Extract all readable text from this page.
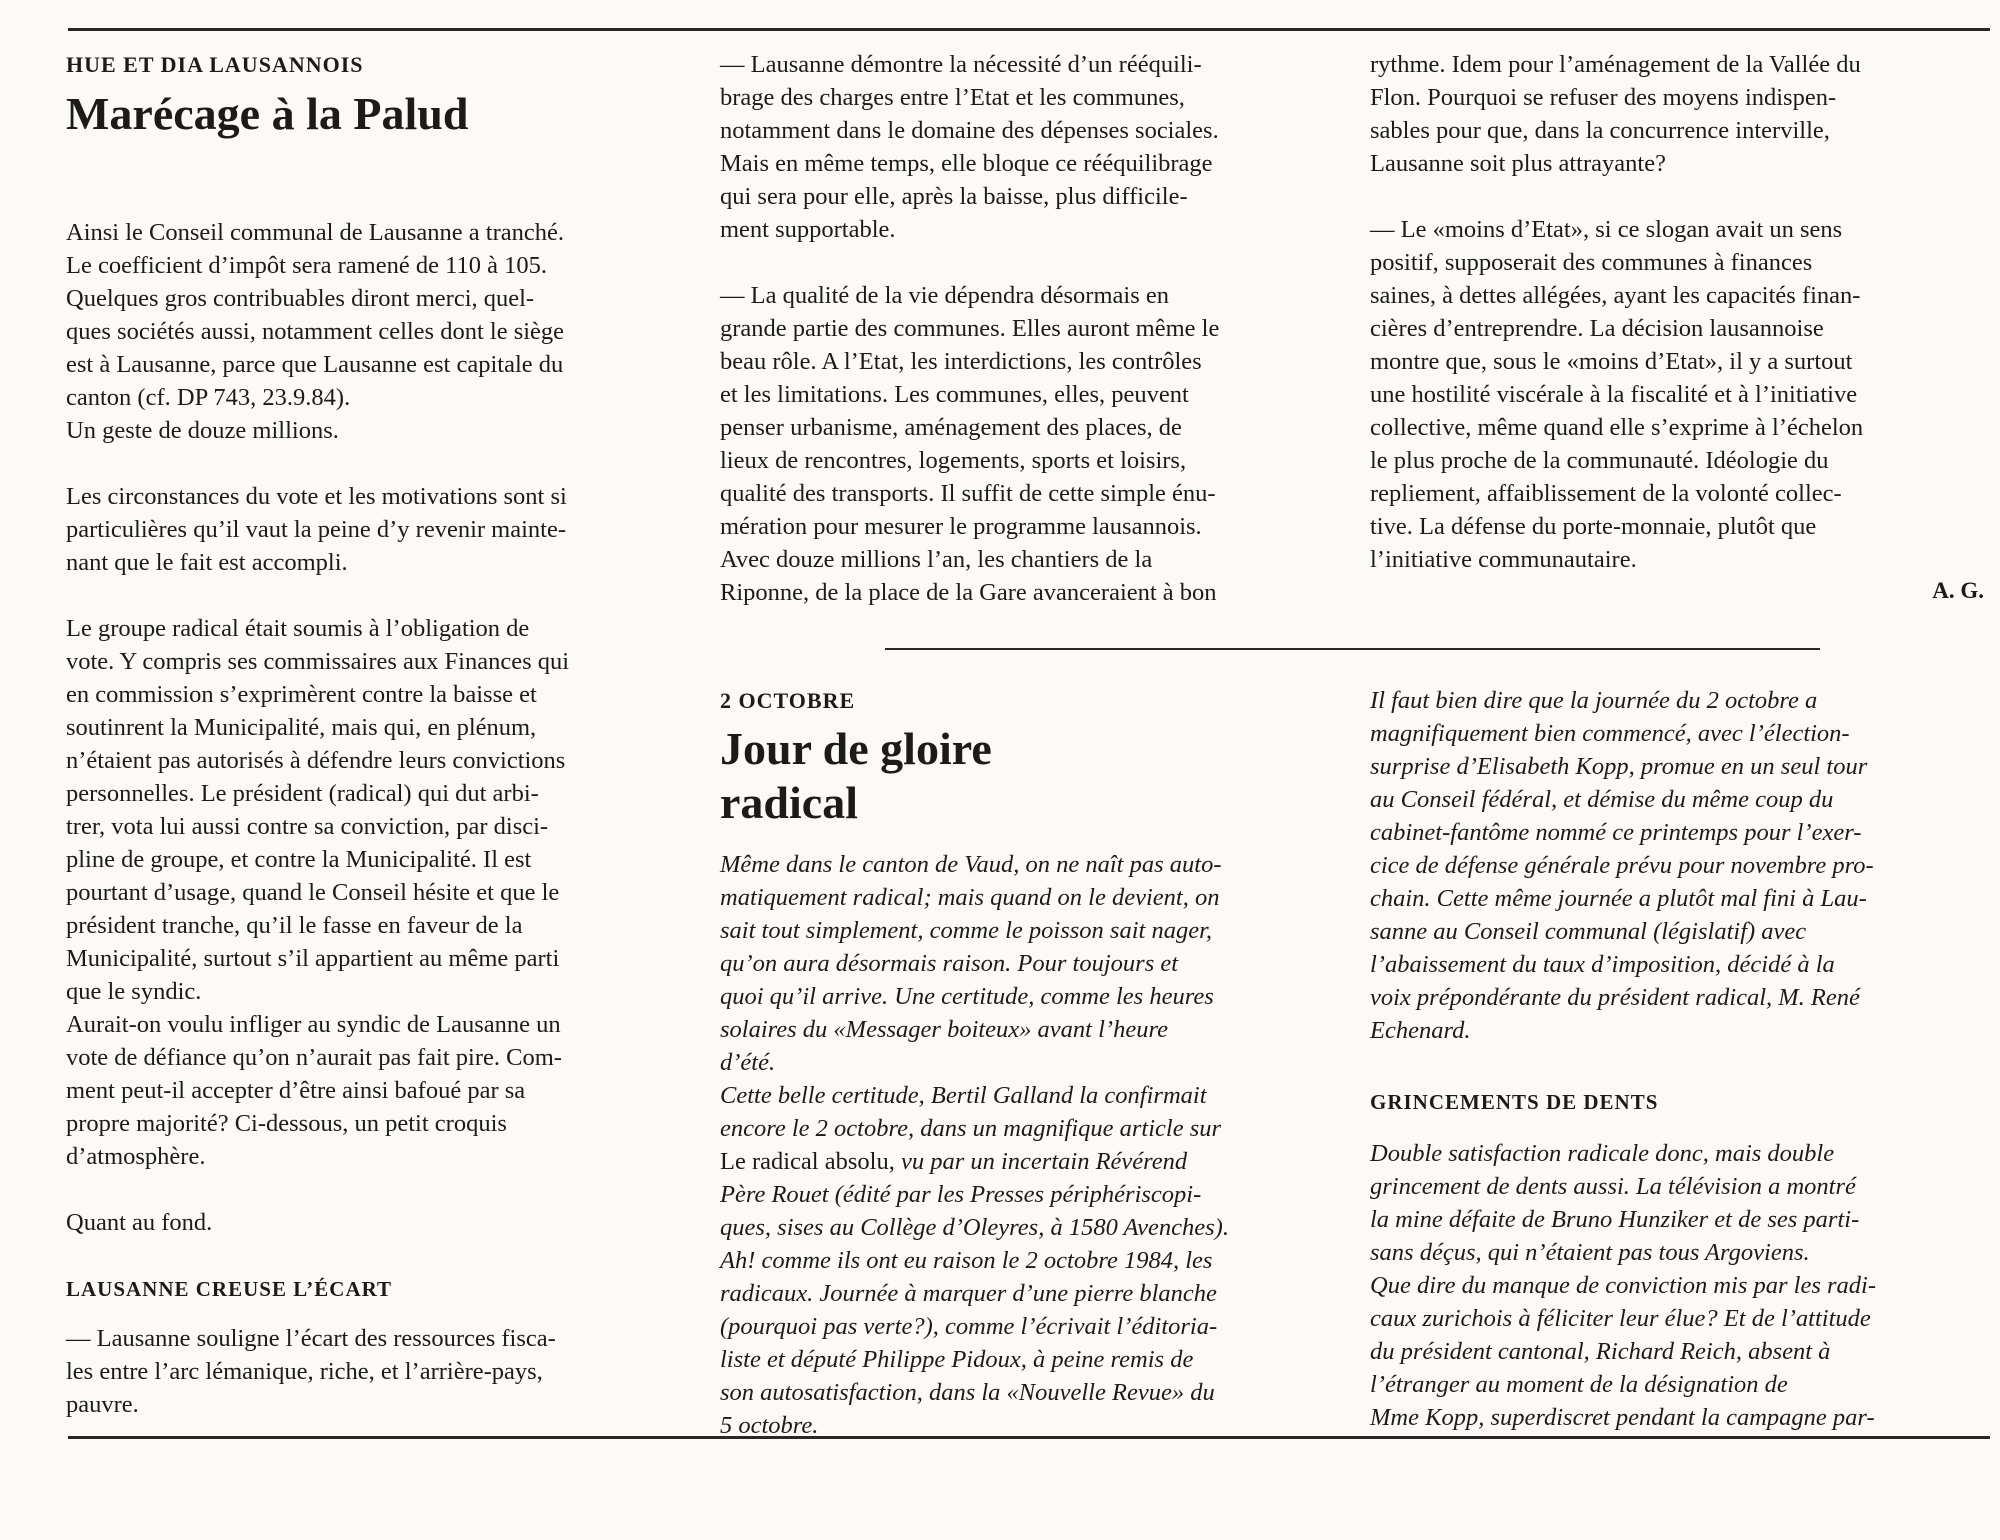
HUE ET DIA LAUSANNOIS
Marécage à la Palud

Ainsi le Conseil communal de Lausanne a tranché.
Le coefficient d’impôt sera ramené de 110 à 105.
Quelques gros contribuables diront merci, quel-
ques sociétés aussi, notamment celles dont le siège
est à Lausanne, parce que Lausanne est capitale du
canton (cf. DP 743, 23.9.84).
Un geste de douze millions.

Les circonstances du vote et les motivations sont si
particulières qu’il vaut la peine d’y revenir mainte-
nant que le fait est accompli.

Le groupe radical était soumis à l’obligation de
vote. Y compris ses commissaires aux Finances qui
en commission s’exprimèrent contre la baisse et
soutinrent la Municipalité, mais qui, en plénum,
n’étaient pas autorisés à défendre leurs convictions
personnelles. Le président (radical) qui dut arbi-
trer, vota lui aussi contre sa conviction, par disci-
pline de groupe, et contre la Municipalité. Il est
pourtant d’usage, quand le Conseil hésite et que le
président tranche, qu’il le fasse en faveur de la
Municipalité, surtout s’il appartient au même parti
que le syndic.
Aurait-on voulu infliger au syndic de Lausanne un
vote de défiance qu’on n’aurait pas fait pire. Com-
ment peut-il accepter d’être ainsi bafoué par sa
propre majorité? Ci-dessous, un petit croquis
d’atmosphère.

Quant au fond.

LAUSANNE CREUSE L’ÉCART

— Lausanne souligne l’écart des ressources fisca-
les entre l’arc lémanique, riche, et l’arrière-pays,
pauvre.

— Lausanne démontre la nécessité d’un rééquili-
brage des charges entre l’Etat et les communes,
notamment dans le domaine des dépenses sociales.
Mais en même temps, elle bloque ce rééquilibrage
qui sera pour elle, après la baisse, plus difficile-
ment supportable.

— La qualité de la vie dépendra désormais en
grande partie des communes. Elles auront même le
beau rôle. A l’Etat, les interdictions, les contrôles
et les limitations. Les communes, elles, peuvent
penser urbanisme, aménagement des places, de
lieux de rencontres, logements, sports et loisirs,
qualité des transports. Il suffit de cette simple énu-
mération pour mesurer le programme lausannois.
Avec douze millions l’an, les chantiers de la
Riponne, de la place de la Gare avanceraient à bon

rythme. Idem pour l’aménagement de la Vallée du
Flon. Pourquoi se refuser des moyens indispen-
sables pour que, dans la concurrence interville,
Lausanne soit plus attrayante?

— Le «moins d’Etat», si ce slogan avait un sens
positif, supposerait des communes à finances
saines, à dettes allégées, ayant les capacités finan-
cières d’entreprendre. La décision lausannoise
montre que, sous le «moins d’Etat», il y a surtout
une hostilité viscérale à la fiscalité et à l’initiative
collective, même quand elle s’exprime à l’échelon
le plus proche de la communauté. Idéologie du
repliement, affaiblissement de la volonté collec-
tive. La défense du porte-monnaie, plutôt que
l’initiative communautaire.

A. G.
2 OCTOBRE
Jour de gloire
radical

Même dans le canton de Vaud, on ne naît pas auto-
matiquement radical; mais quand on le devient, on
sait tout simplement, comme le poisson sait nager,
qu’on aura désormais raison. Pour toujours et
quoi qu’il arrive. Une certitude, comme les heures
solaires du «Messager boiteux» avant l’heure
d’été.
Cette belle certitude, Bertil Galland la confirmait
encore le 2 octobre, dans un magnifique article sur
Le radical absolu, vu par un incertain Révérend
Père Rouet (édité par les Presses périphériscopi-
ques, sises au Collège d’Oleyres, à 1580 Avenches).
Ah! comme ils ont eu raison le 2 octobre 1984, les
radicaux. Journée à marquer d’une pierre blanche
(pourquoi pas verte?), comme l’écrivait l’éditoria-
liste et député Philippe Pidoux, à peine remis de
son autosatisfaction, dans la «Nouvelle Revue» du
5 octobre.

Il faut bien dire que la journée du 2 octobre a
magnifiquement bien commencé, avec l’élection-
surprise d’Elisabeth Kopp, promue en un seul tour
au Conseil fédéral, et démise du même coup du
cabinet-fantôme nommé ce printemps pour l’exer-
cice de défense générale prévu pour novembre pro-
chain. Cette même journée a plutôt mal fini à Lau-
sanne au Conseil communal (législatif) avec
l’abaissement du taux d’imposition, décidé à la
voix prépondérante du président radical, M. René
Echenard.

GRINCEMENTS DE DENTS

Double satisfaction radicale donc, mais double
grincement de dents aussi. La télévision a montré
la mine défaite de Bruno Hunziker et de ses parti-
sans déçus, qui n’étaient pas tous Argoviens.
Que dire du manque de conviction mis par les radi-
caux zurichois à féliciter leur élue? Et de l’attitude
du président cantonal, Richard Reich, absent à
l’étranger au moment de la désignation de
Mme Kopp, superdiscret pendant la campagne par-
